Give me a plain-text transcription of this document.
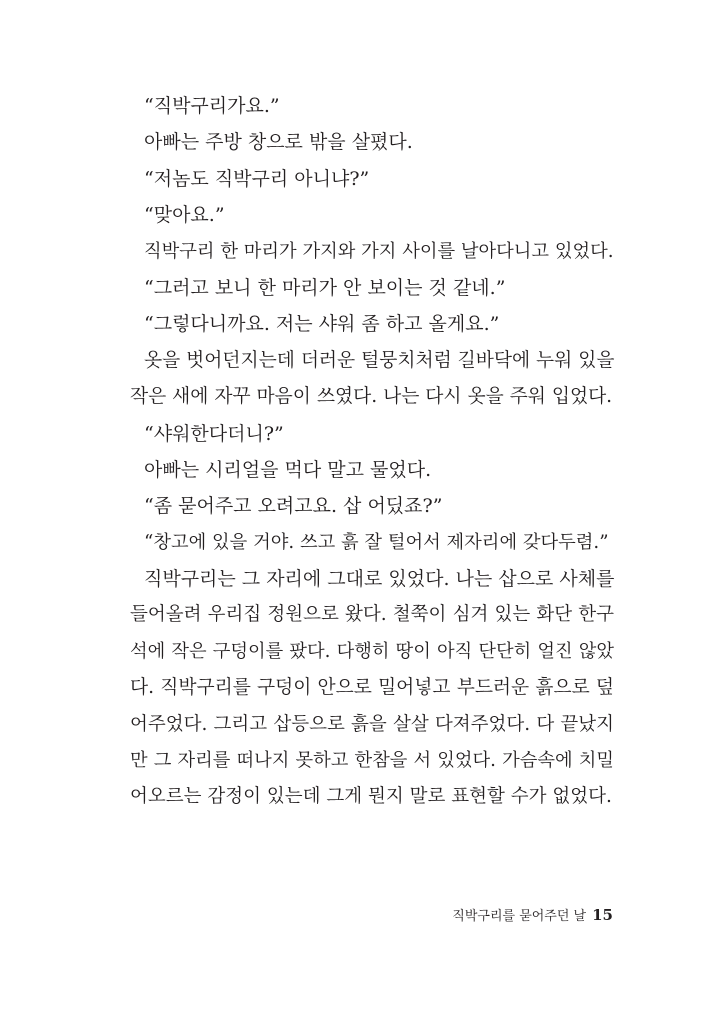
“직박구리가요.”

아빠는 주방 창으로 밖을 살폈다.

“저놈도 직박구리 아니냐?”

“맞아요.”

직박구리 한 마리가 가지와 가지 사이를 날아다니고 있었다.

“그러고 보니 한 마리가 안 보이는 것 같네.”

“그렇다니까요. 저는 샤워 좀 하고 올게요.”

옷을 벗어던지는데 더러운 털뭉치처럼 길바닥에 누워 있을

작은 새에 자꾸 마음이 쓰였다. 나는 다시 옷을 주워 입었다.

“샤워한다더니?”

아빠는 시리얼을 먹다 말고 물었다.

“좀 묻어주고 오려고요. 삽 어딨죠?”

“창고에 있을 거야. 쓰고 흙 잘 털어서 제자리에 갖다두렴.”

직박구리는 그 자리에 그대로 있었다. 나는 삽으로 사체를

들어올려 우리집 정원으로 왔다. 철쭉이 심겨 있는 화단 한구

석에 작은 구덩이를 팠다. 다행히 땅이 아직 단단히 얼진 않았

다. 직박구리를 구덩이 안으로 밀어넣고 부드러운 흙으로 덮

어주었다. 그리고 삽등으로 흙을 살살 다져주었다. 다 끝났지

만 그 자리를 떠나지 못하고 한참을 서 있었다. 가슴속에 치밀

어오르는 감정이 있는데 그게 뭔지 말로 표현할 수가 없었다.

직박구리를 묻어주던 날 15
